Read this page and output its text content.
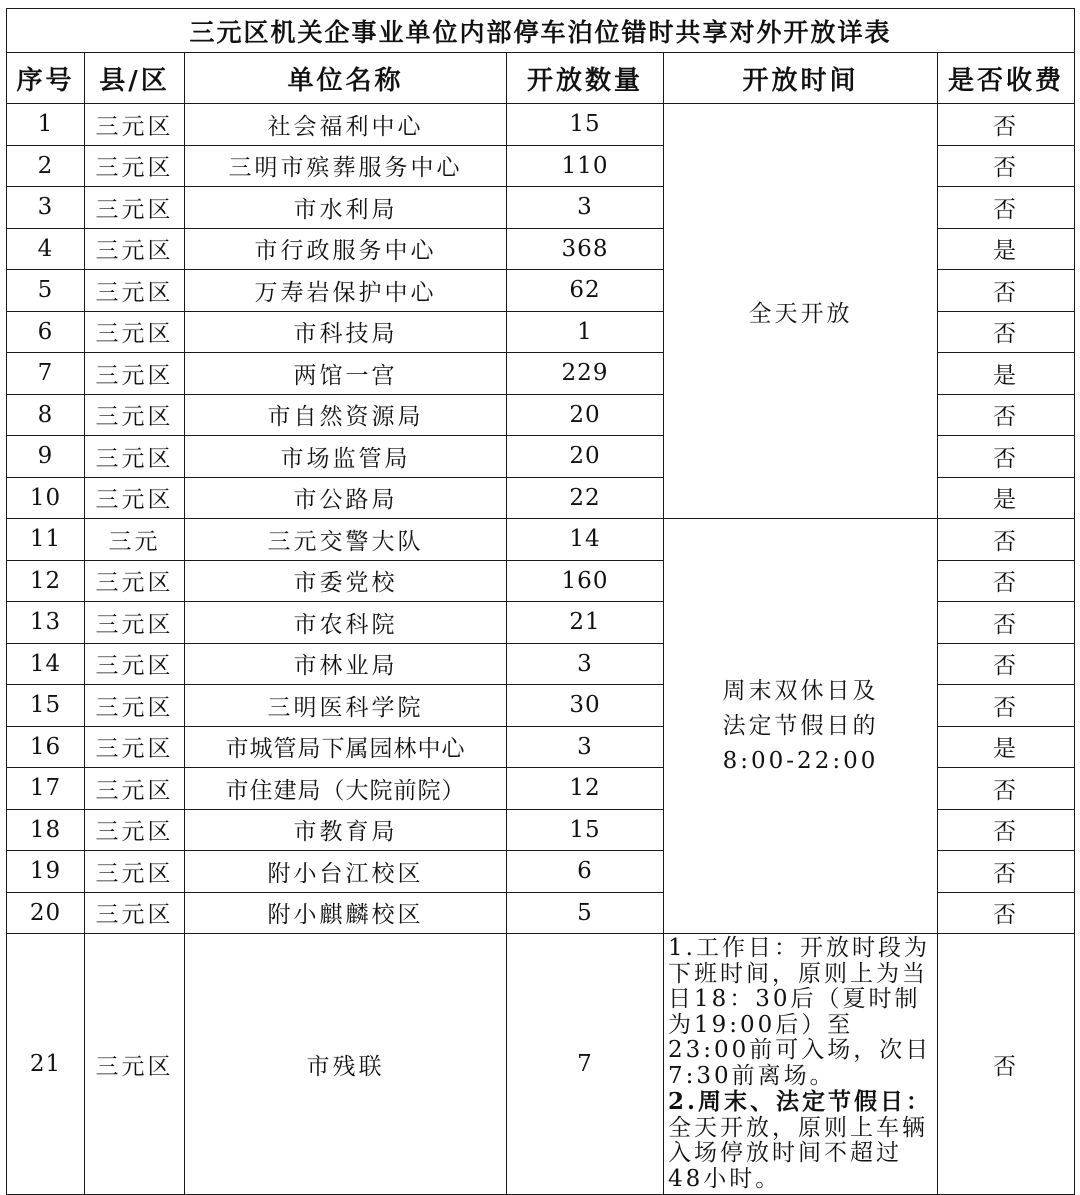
三元区机关企事业单位内部停车泊位错时共享对外开放详表					
序号	县/区	单位名称	开放数量	开放时间	是否收费
1	三元区	社会福利中心	15	全天开放	否
2	三元区	三明市殡葬服务中心	110		否
3	三元区	市水利局	3		否
4	三元区	市行政服务中心	368		是
5	三元区	万寿岩保护中心	62		否
6	三元区	市科技局	1		否
7	三元区	两馆一宫	229		是
8	三元区	市自然资源局	20		否
9	三元区	市场监管局	20		否
10	三元区	市公路局	22		是
11	三元	三元交警大队	14	周末双休日及
法定节假日的
8:00-22:00	否
12	三元区	市委党校	160		否
13	三元区	市农科院	21		否
14	三元区	市林业局	3		否
15	三元区	三明医科学院	30		否
16	三元区	市城管局下属园林中心	3		是
17	三元区	市住建局（大院前院）	12		否
18	三元区	市教育局	15		否
19	三元区	附小台江校区	6		否
20	三元区	附小麒麟校区	5		否
21	三元区	市残联	7	1.工作日：开放时段为下班时间，原则上为当日18：30后（夏时制为19:00后）至23:00前可入场，次日7:30前离场。
2.周末、法定节假日：全天开放，原则上车辆入场停放时间不超过48小时。	否
